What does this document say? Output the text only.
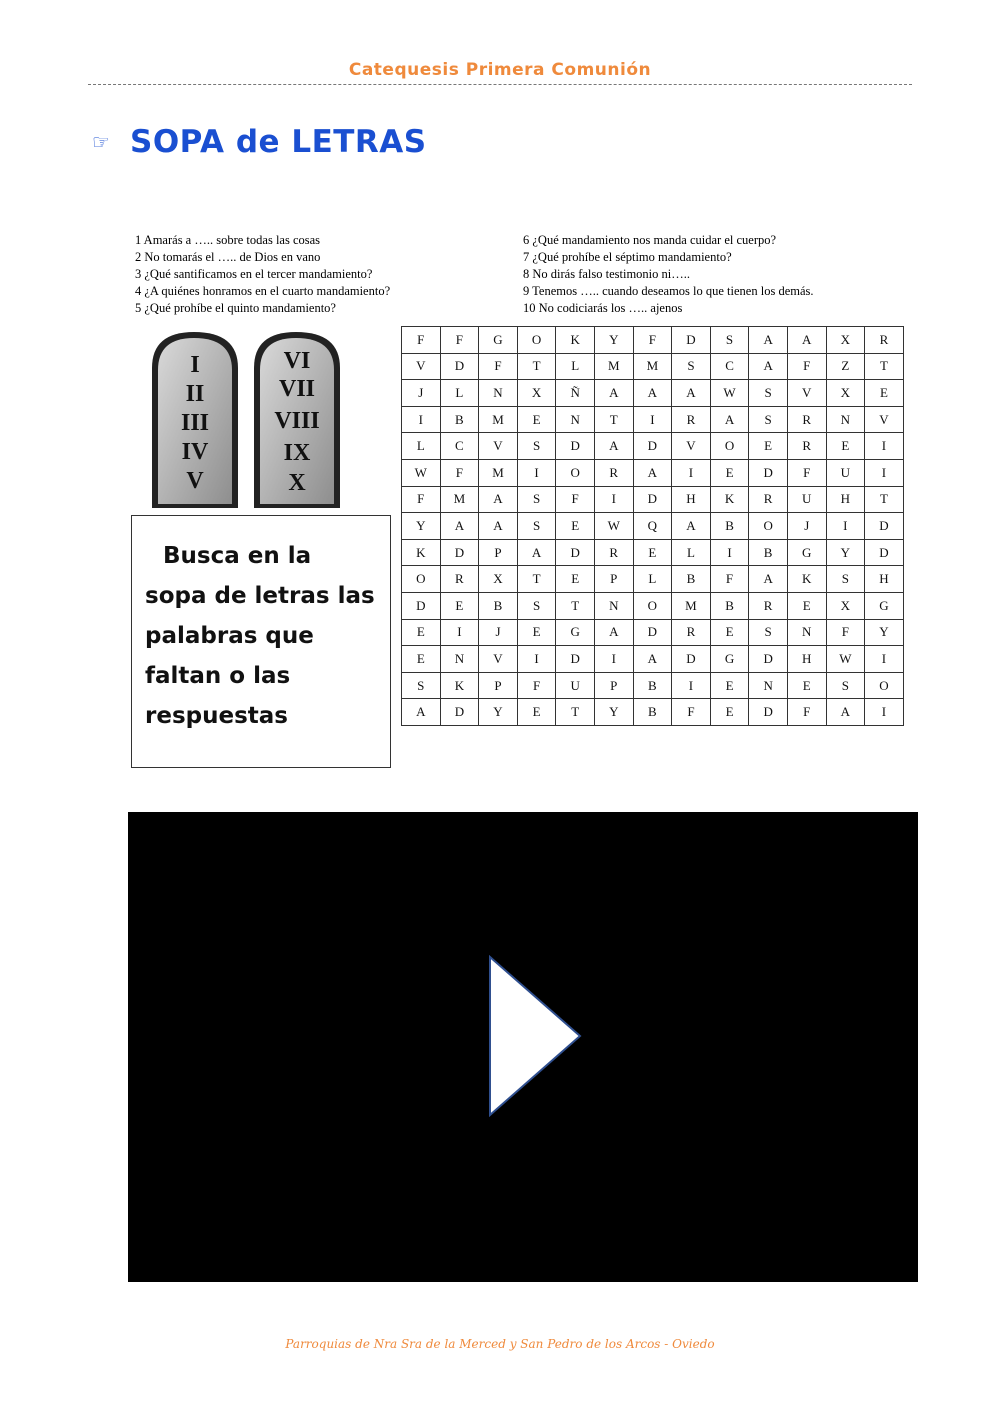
Catequesis Primera Comunión
☞ SOPA de LETRAS
1 Amarás a ….. sobre todas las cosas
2 No tomarás el ….. de Dios en vano
3 ¿Qué santificamos en el tercer mandamiento?
4 ¿A quiénes honramos en el cuarto mandamiento?
5 ¿Qué prohíbe el quinto mandamiento?
6 ¿Qué mandamiento nos manda cuidar el cuerpo?
7 ¿Qué prohíbe el séptimo mandamiento?
8 No dirás falso testimonio ni…..
9 Tenemos ….. cuando deseamos lo que tienen los demás.
10 No codiciarás los ….. ajenos
I
II
III
IV
V
VI
VII
VIII
IX
X
Busca en la sopa de letras las palabras que faltan o las respuestas
F	F	G	O	K	Y	F	D	S	A	A	X	R
V	D	F	T	L	M	M	S	C	A	F	Z	T
J	L	N	X	Ñ	A	A	A	W	S	V	X	E
I	B	M	E	N	T	I	R	A	S	R	N	V
L	C	V	S	D	A	D	V	O	E	R	E	I
W	F	M	I	O	R	A	I	E	D	F	U	I
F	M	A	S	F	I	D	H	K	R	U	H	T
Y	A	A	S	E	W	Q	A	B	O	J	I	D
K	D	P	A	D	R	E	L	I	B	G	Y	D
O	R	X	T	E	P	L	B	F	A	K	S	H
D	E	B	S	T	N	O	M	B	R	E	X	G
E	I	J	E	G	A	D	R	E	S	N	F	Y
E	N	V	I	D	I	A	D	G	D	H	W	I
S	K	P	F	U	P	B	I	E	N	E	S	O
A	D	Y	E	T	Y	B	F	E	D	F	A	I
Parroquias de Nra Sra de la Merced y San Pedro de los Arcos - Oviedo
